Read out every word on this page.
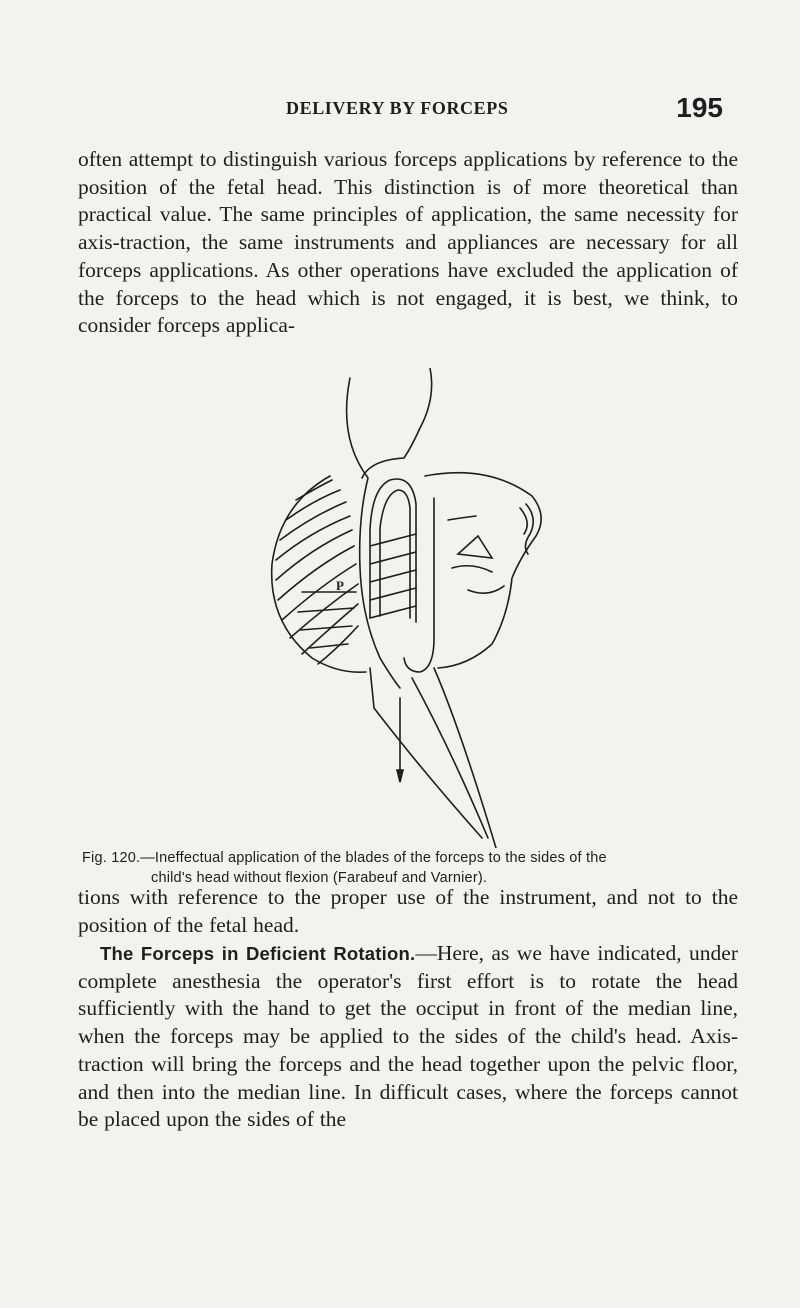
DELIVERY BY FORCEPS	195

often attempt to distinguish various forceps applications by reference to the position of the fetal head. This distinction is of more theoretical than practical value. The same principles of application, the same necessity for axis-traction, the same instruments and appliances are necessary for all forceps applications. As other operations have excluded the application of the forceps to the head which is not engaged, it is best, we think, to consider forceps applica-

P
Fig. 120.—Ineffectual application of the blades of the forceps to the sides of the
child's head without flexion (Farabeuf and Varnier).

tions with reference to the proper use of the instrument, and not to the position of the fetal head.

The Forceps in Deficient Rotation.—Here, as we have indicated, under complete anesthesia the operator's first effort is to rotate the head sufficiently with the hand to get the occiput in front of the median line, when the forceps may be applied to the sides of the child's head. Axis-traction will bring the forceps and the head together upon the pelvic floor, and then into the median line. In difficult cases, where the forceps cannot be placed upon the sides of the
